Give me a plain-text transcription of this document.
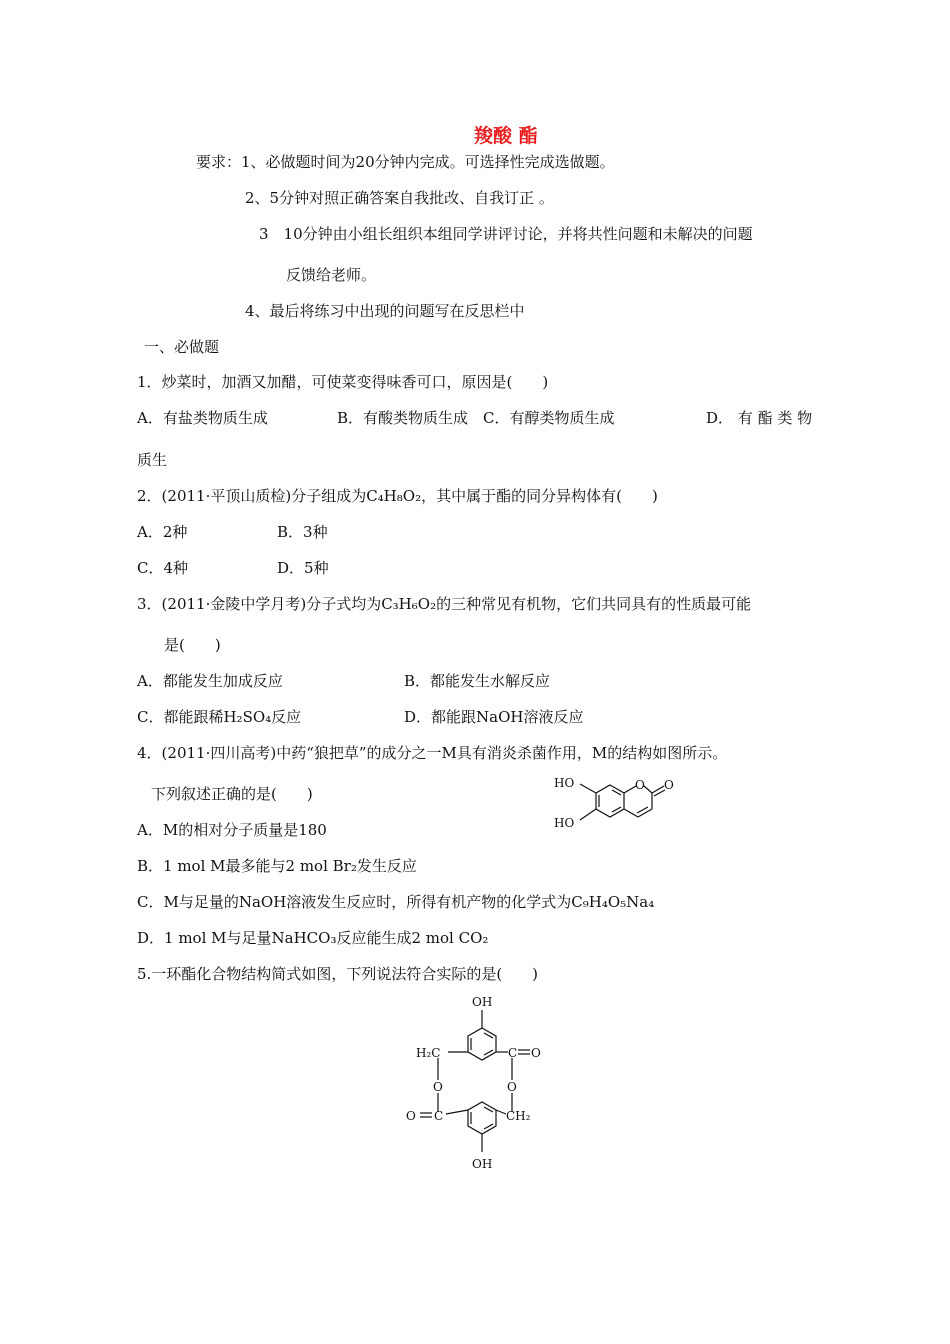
羧酸 酯
要求：1、必做题时间为20分钟内完成。可选择性完成选做题。
2、5分钟对照正确答案自我批改、自我订正 。
3　10分钟由小组长组织本组同学讲评讨论，并将共性问题和未解决的问题
反馈给老师。
4、最后将练习中出现的问题写在反思栏中
一、必做题
1．炒菜时，加酒又加醋，可使菜变得味香可口，原因是(　　)
A．有盐类物质生成	B．有酸类物质生成 C．有醇类物质生成	D． 有 酯 类 物
质生
2．(2011·平顶山质检)分子组成为C₄H₈O₂，其中属于酯的同分异构体有(　　)
A．2种	B．3种
C．4种	D．5种
3．(2011·金陵中学月考)分子式均为C₃H₆O₂的三种常见有机物，它们共同具有的性质最可能
是(　　)
A．都能发生加成反应	B．都能发生水解反应
C．都能跟稀H₂SO₄反应	D．都能跟NaOH溶液反应
4．(2011·四川高考)中药“狼把草”的成分之一M具有消炎杀菌作用，M的结构如图所示。
下列叙述正确的是(　　)
HO
HO
O O
A．M的相对分子质量是180
B．1 mol M最多能与2 mol Br₂发生反应
C．M与足量的NaOH溶液发生反应时，所得有机产物的化学式为C₉H₄O₅Na₄
D．1 mol M与足量NaHCO₃反应能生成2 mol CO₂
5.一环酯化合物结构简式如图，下列说法符合实际的是(　　)
OH
H₂C	C O
O	O
O C	CH₂
OH
